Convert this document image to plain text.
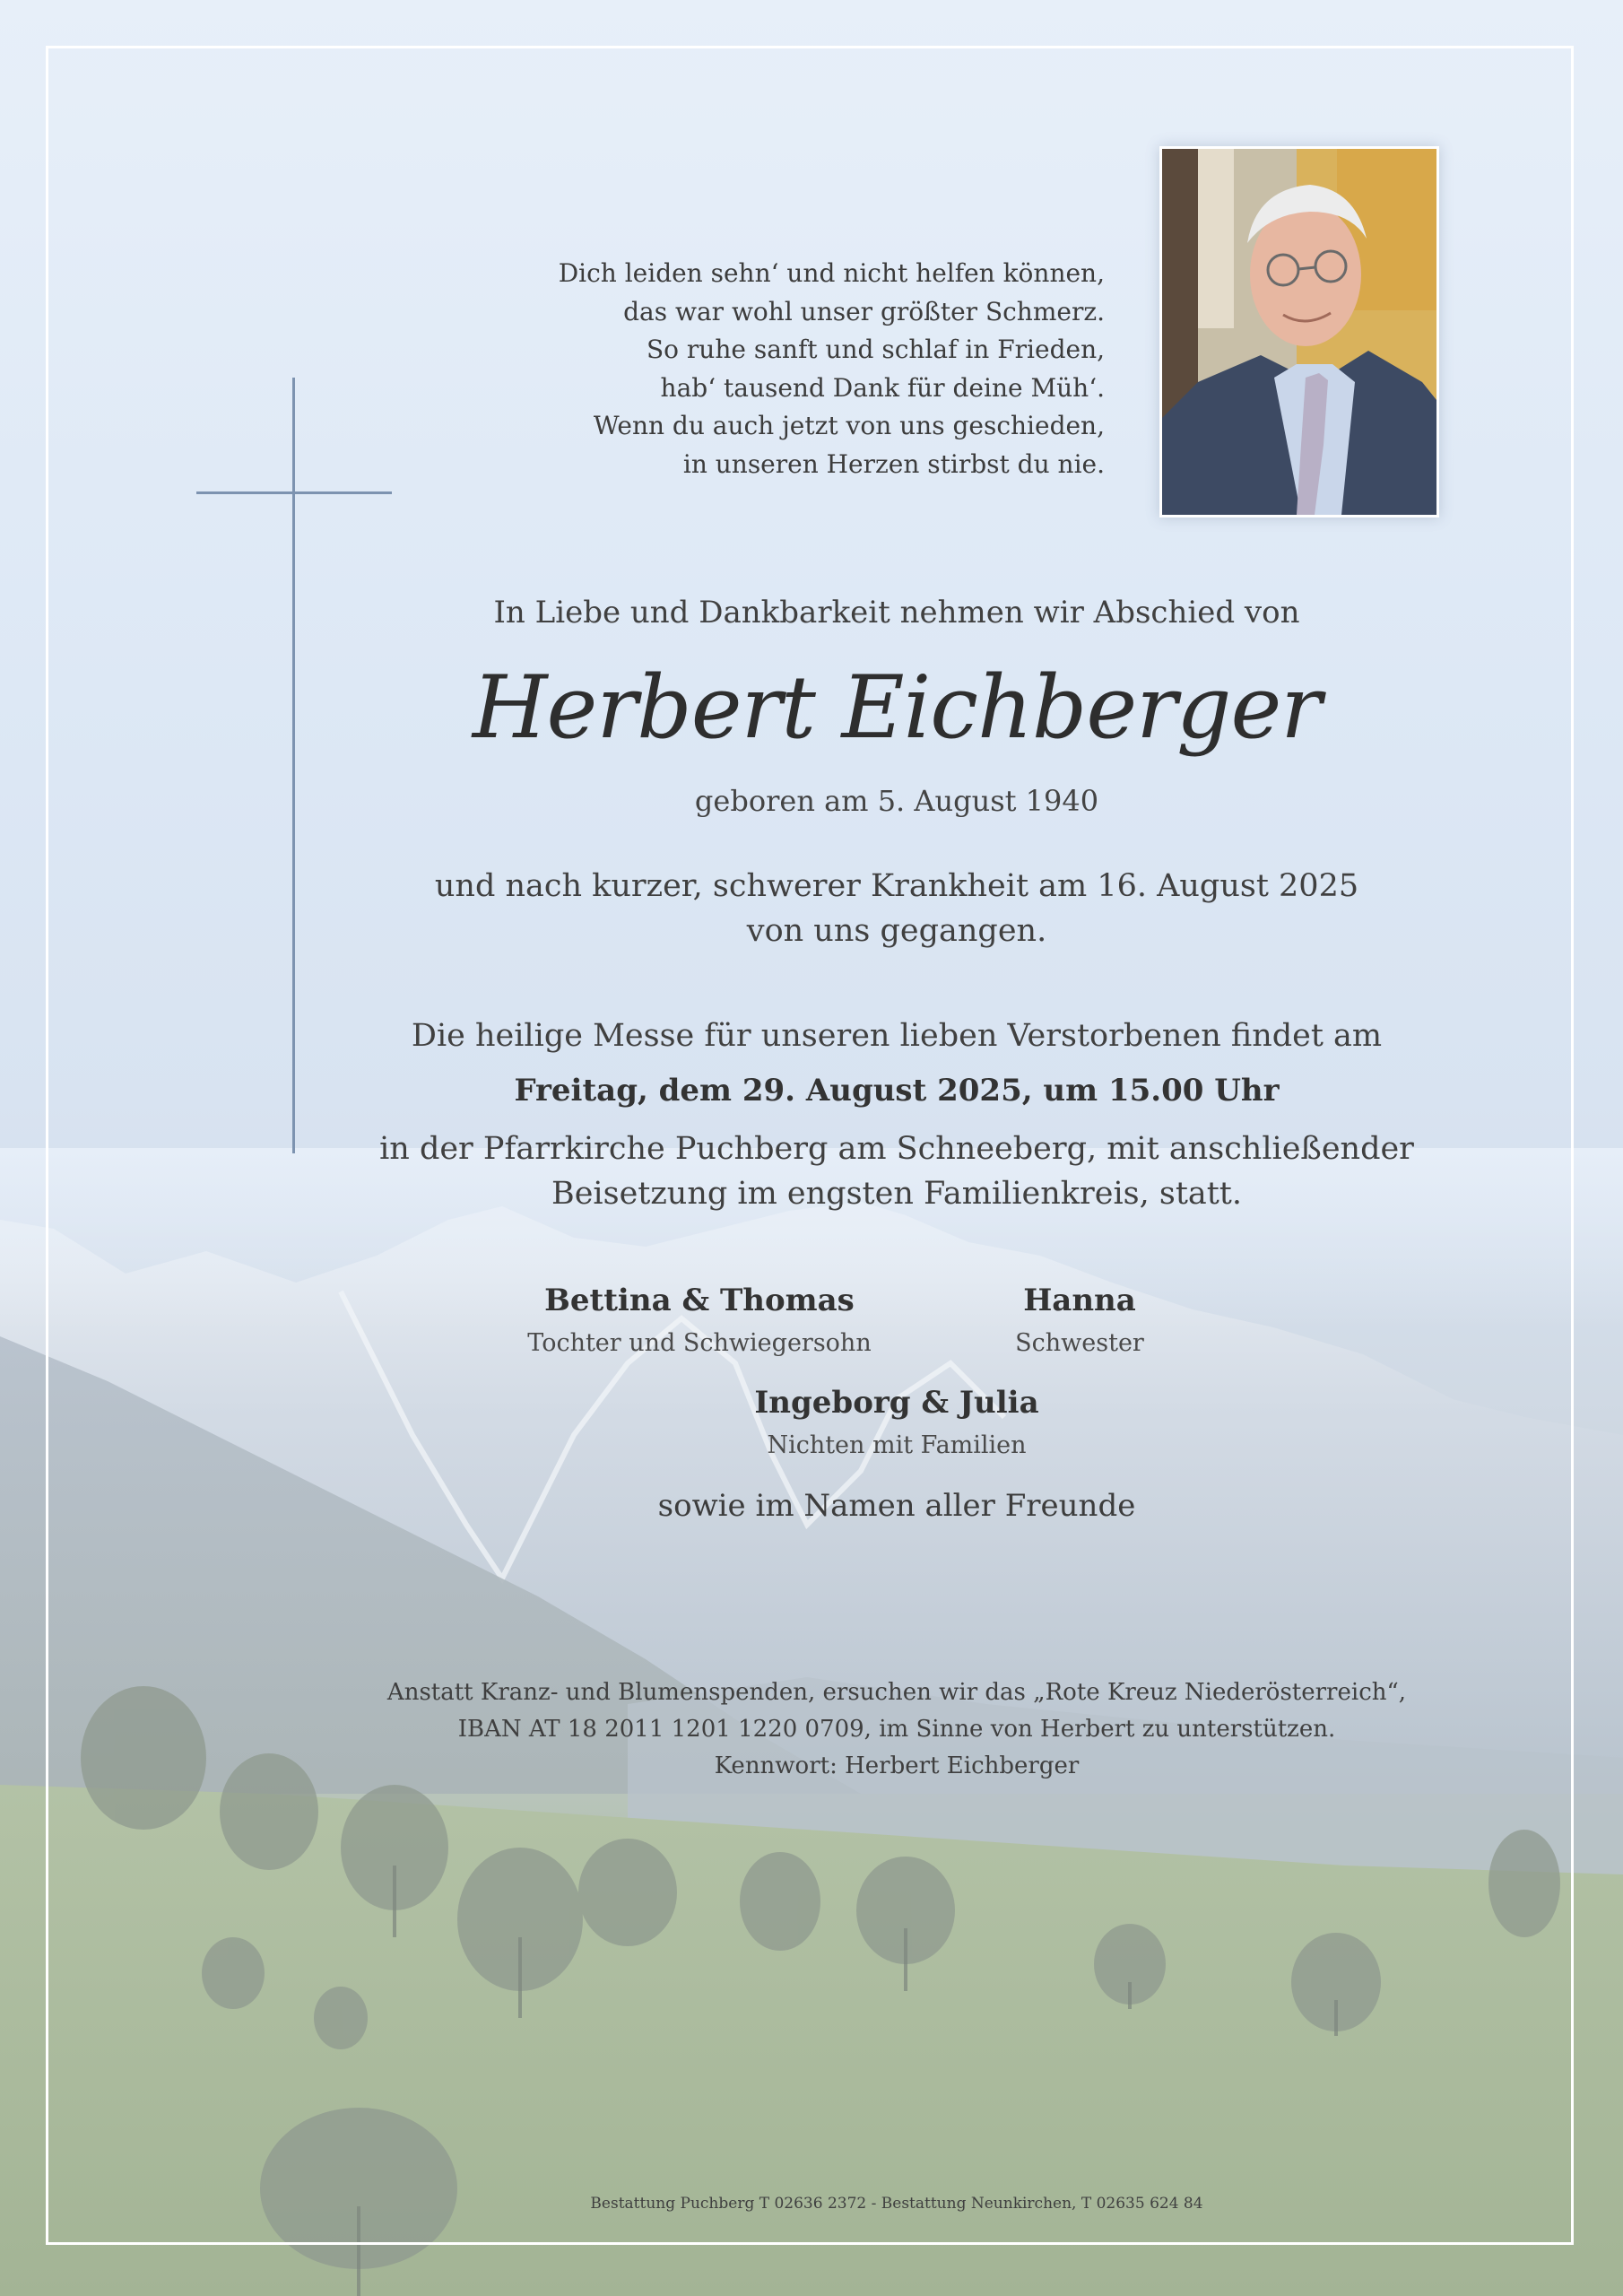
Dich leiden sehn‘ und nicht helfen können,
das war wohl unser größter Schmerz.
So ruhe sanft und schlaf in Frieden,
hab‘ tausend Dank für deine Müh‘.
Wenn du auch jetzt von uns geschieden,
in unseren Herzen stirbst du nie.
In Liebe und Dankbarkeit nehmen wir Abschied von
Herbert Eichberger
geboren am 5. August 1940
und nach kurzer, schwerer Krankheit am 16. August 2025
von uns gegangen.
Die heilige Messe für unseren lieben Verstorbenen findet am
Freitag, dem 29. August 2025, um 15.00 Uhr
in der Pfarrkirche Puchberg am Schneeberg, mit anschließender
Beisetzung im engsten Familienkreis, statt.
Bettina & Thomas
Tochter und Schwiegersohn
Hanna
Schwester
Ingeborg & Julia
Nichten mit Familien
sowie im Namen aller Freunde
Anstatt Kranz- und Blumenspenden, ersuchen wir das „Rote Kreuz Niederösterreich“,
IBAN AT 18 2011 1201 1220 0709, im Sinne von Herbert zu unterstützen.
Kennwort: Herbert Eichberger
Bestattung Puchberg T 02636 2372 - Bestattung Neunkirchen, T 02635 624 84
